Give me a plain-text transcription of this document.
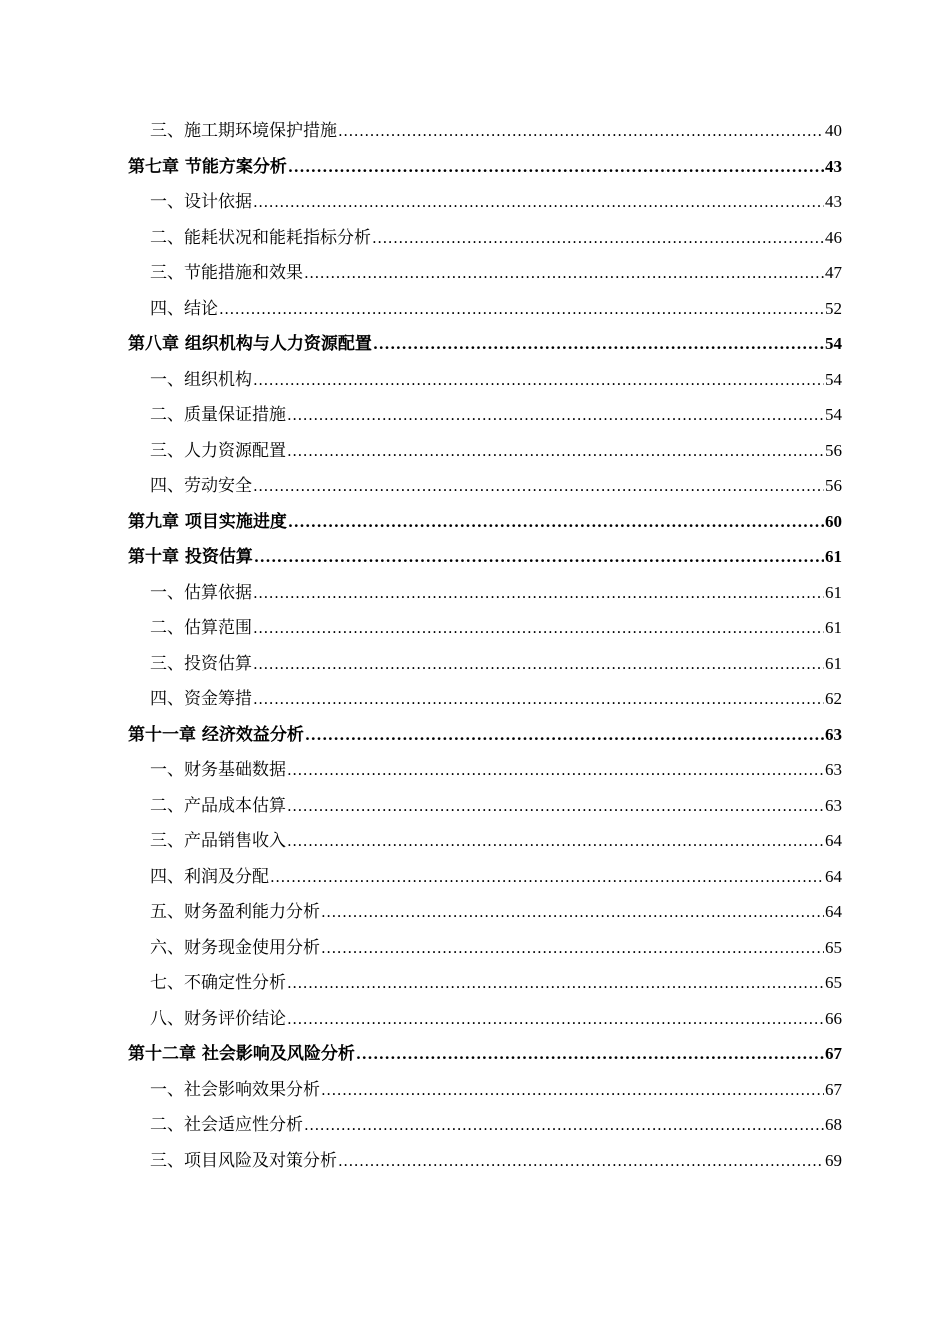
三、施工期环境保护措施 .....	40
第七章 节能方案分析 .....	43
一、设计依据 .....	43
二、能耗状况和能耗指标分析 .....	46
三、节能措施和效果 .....	47
四、结论 .....	52
第八章 组织机构与人力资源配置 .....	54
一、组织机构 .....	54
二、质量保证措施 .....	54
三、人力资源配置 .....	56
四、劳动安全 .....	56
第九章 项目实施进度 .....	60
第十章 投资估算 .....	61
一、估算依据 .....	61
二、估算范围 .....	61
三、投资估算 .....	61
四、资金筹措 .....	62
第十一章 经济效益分析 .....	63
一、财务基础数据 .....	63
二、产品成本估算 .....	63
三、产品销售收入 .....	64
四、利润及分配 .....	64
五、财务盈利能力分析 .....	64
六、财务现金使用分析 .....	65
七、不确定性分析 .....	65
八、财务评价结论 .....	66
第十二章 社会影响及风险分析 .....	67
一、社会影响效果分析 .....	67
二、社会适应性分析 .....	68
三、项目风险及对策分析 .....	69
